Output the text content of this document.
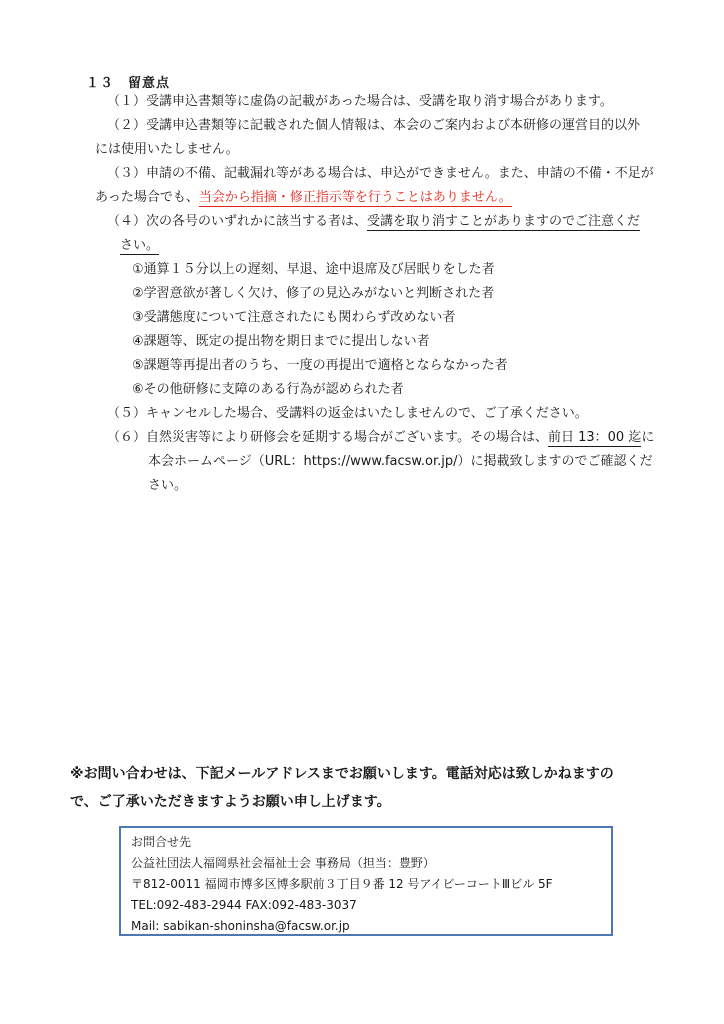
１３　留意点
（１）受講申込書類等に虚偽の記載があった場合は、受講を取り消す場合があります。
（２）受講申込書類等に記載された個人情報は、本会のご案内および本研修の運営目的以外
には使用いたしません。
（３）申請の不備、記載漏れ等がある場合は、申込ができません。また、申請の不備・不足が
あった場合でも、当会から指摘・修正指示等を行うことはありません。
（４）次の各号のいずれかに該当する者は、受講を取り消すことがありますのでご注意くだ
さい。
①通算１５分以上の遅刻、早退、途中退席及び居眠りをした者
②学習意欲が著しく欠け、修了の見込みがないと判断された者
③受講態度について注意されたにも関わらず改めない者
④課題等、既定の提出物を期日までに提出しない者
⑤課題等再提出者のうち、一度の再提出で適格とならなかった者
⑥その他研修に支障のある行為が認められた者
（５）キャンセルした場合、受講料の返金はいたしませんので、ご了承ください。
（６）自然災害等により研修会を延期する場合がございます。その場合は、前日 13：00 迄に
本会ホームページ（URL：https://www.facsw.or.jp/）に掲載致しますのでご確認くだ
さい。
※お問い合わせは、下記メールアドレスまでお願いします。電話対応は致しかねますの
で、ご了承いただきますようお願い申し上げます。
お問合せ先
公益社団法人福岡県社会福祉士会 事務局（担当：豊野）
〒812-0011 福岡市博多区博多駅前３丁目９番 12 号アイビーコートⅢビル 5F
TEL:092-483-2944 FAX:092-483-3037
Mail: sabikan-shoninsha@facsw.or.jp
